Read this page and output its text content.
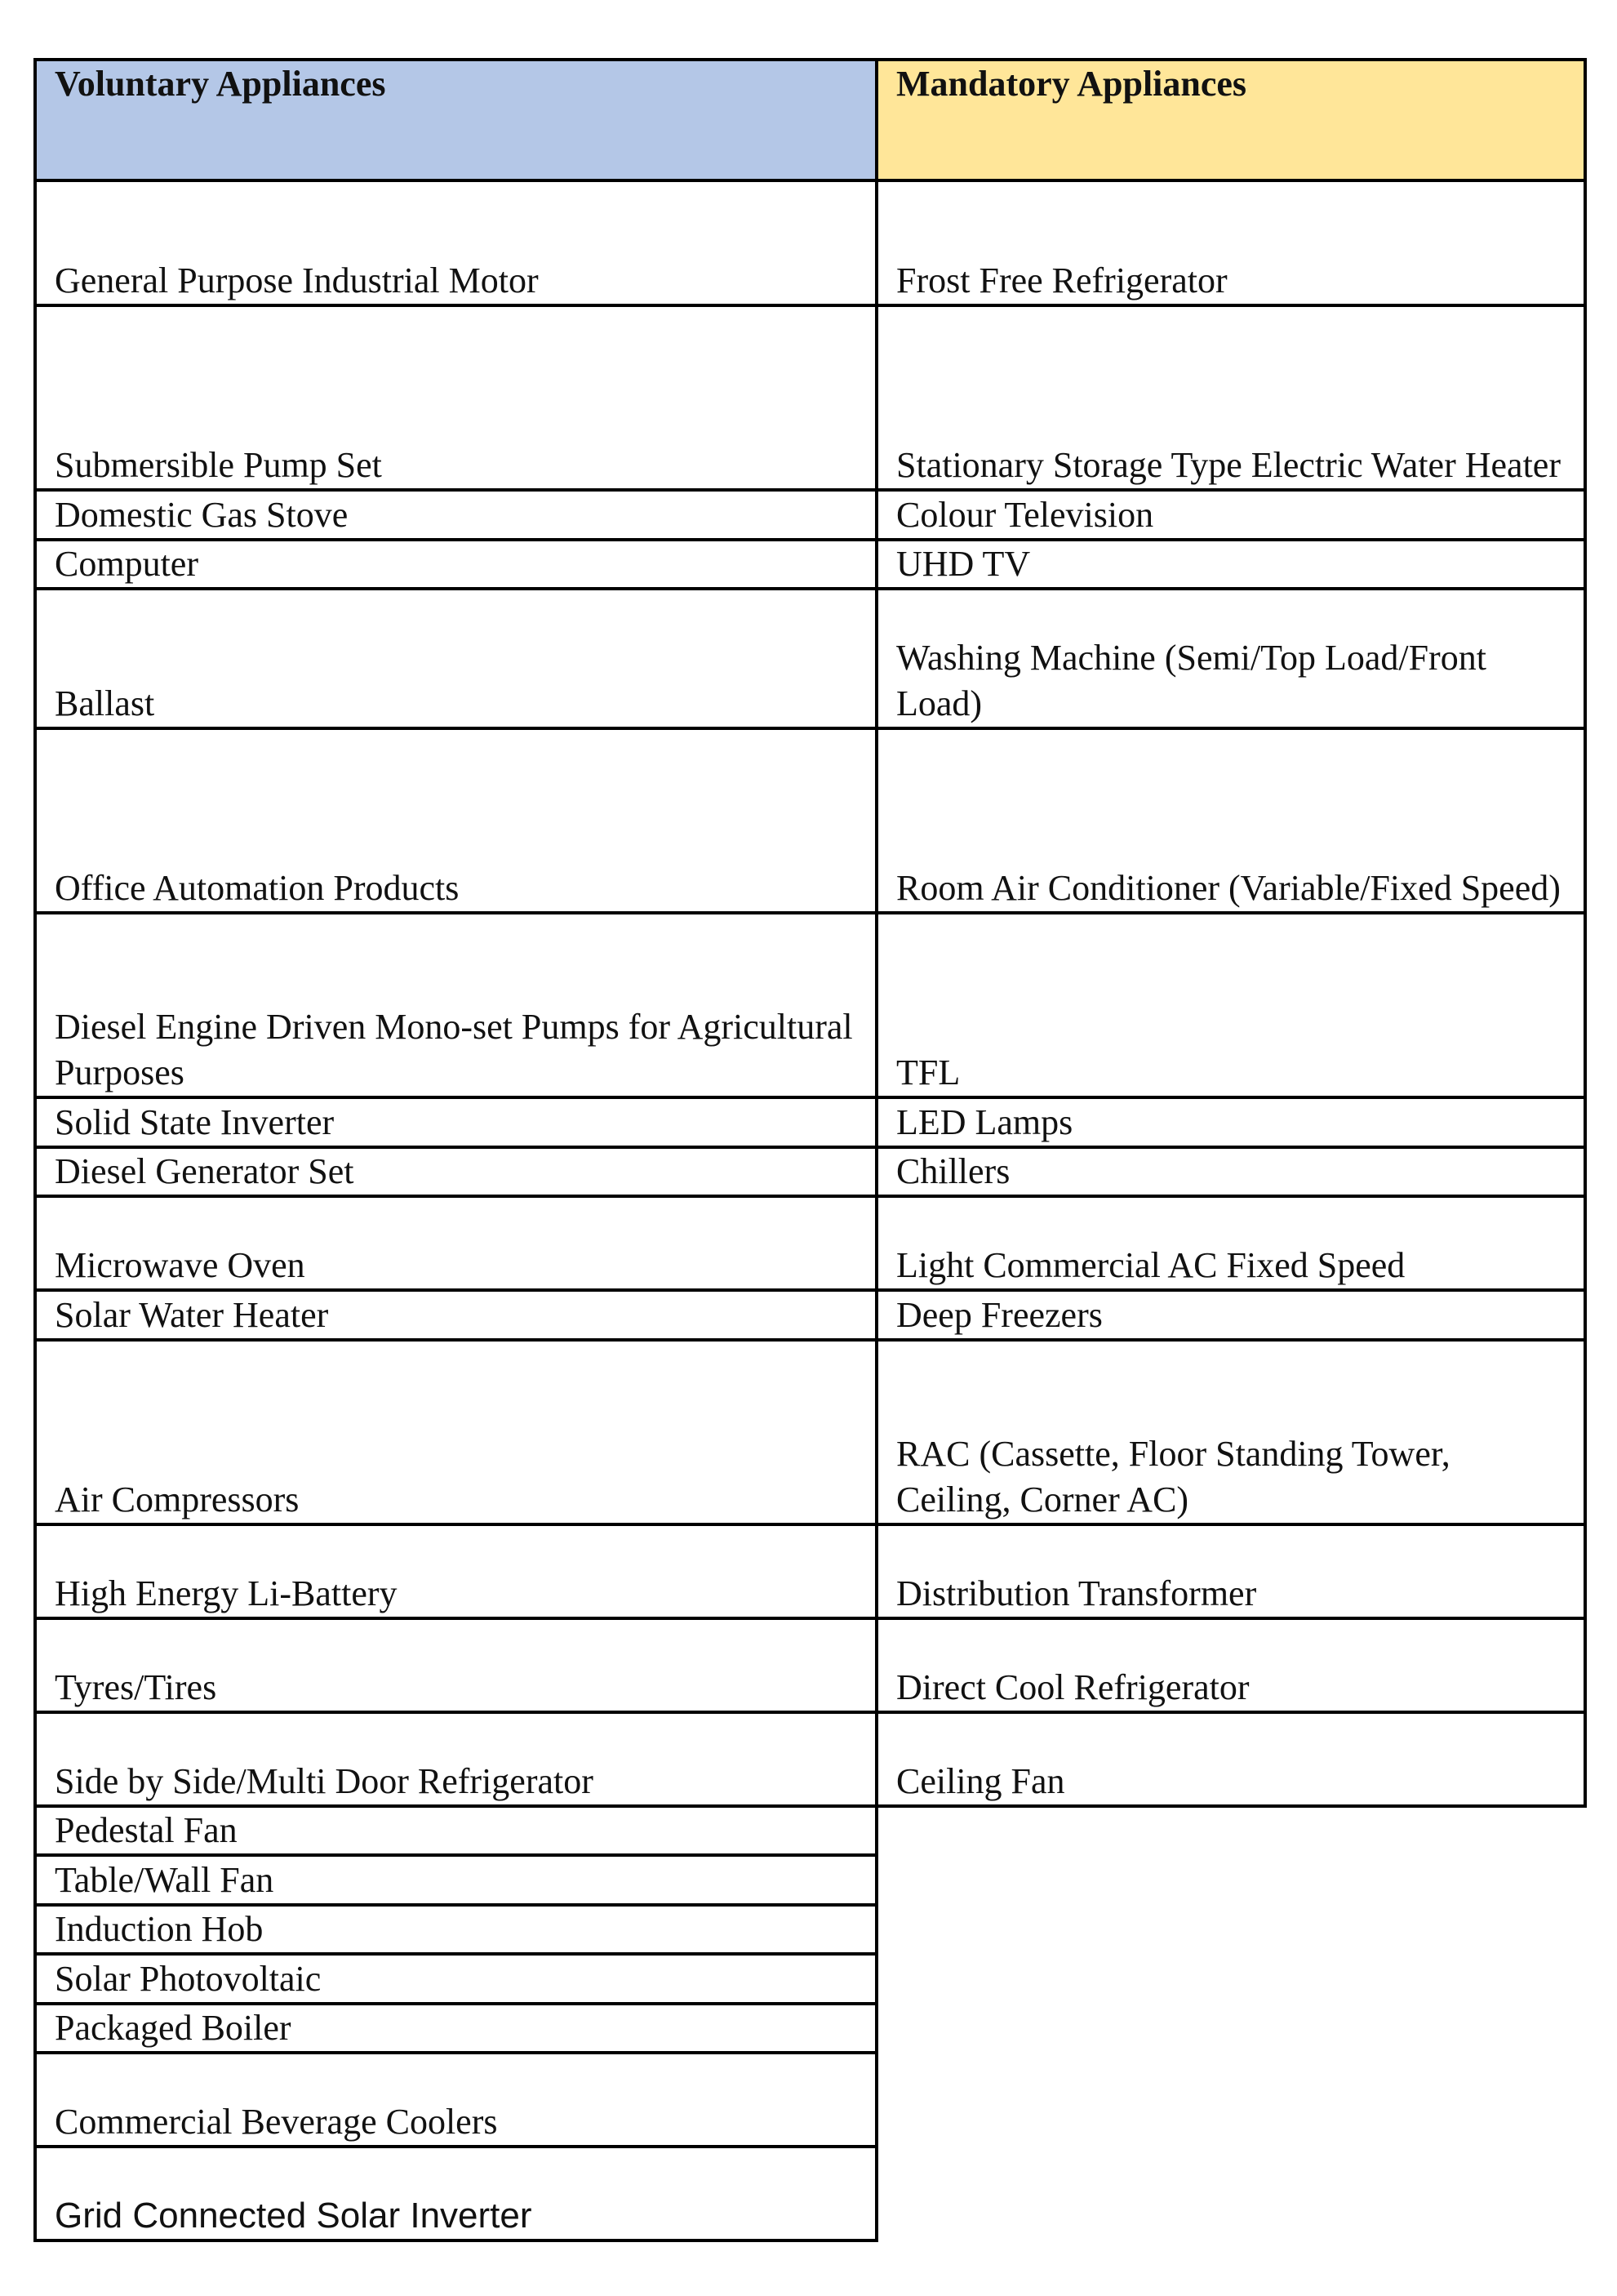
Voluntary Appliances	Mandatory Appliances
General Purpose Industrial Motor	Frost Free Refrigerator
Submersible Pump Set	Stationary Storage Type Electric Water Heater
Domestic Gas Stove	Colour Television
Computer	UHD TV
Ballast	Washing Machine (Semi/Top Load/Front Load)
Office Automation Products	Room Air Conditioner (Variable/Fixed Speed)
Diesel Engine Driven Mono-set Pumps for Agricultural Purposes	TFL
Solid State Inverter	LED Lamps
Diesel Generator Set	Chillers
Microwave Oven	Light Commercial AC Fixed Speed
Solar Water Heater	Deep Freezers
Air Compressors	RAC (Cassette, Floor Standing Tower, Ceiling, Corner AC)
High Energy Li-Battery	Distribution Transformer
Tyres/Tires	Direct Cool Refrigerator
Side by Side/Multi Door Refrigerator	Ceiling Fan
Pedestal Fan	
Table/Wall Fan	
Induction Hob	
Solar Photovoltaic	
Packaged Boiler	
Commercial Beverage Coolers	
Grid Connected Solar Inverter	
